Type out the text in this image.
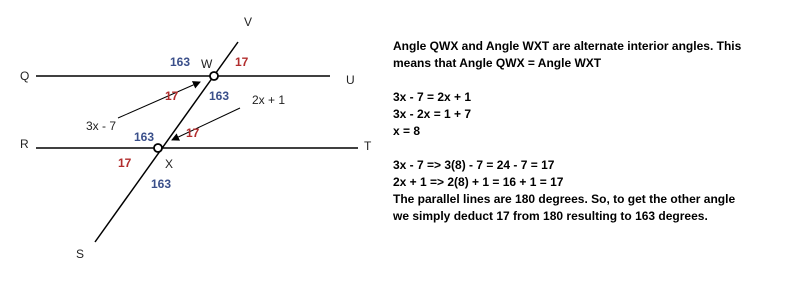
V
Q	U
W
R	T
X
S
3x - 7
2x + 1
163	17
17	163
163	17
17
163

Angle QWX and Angle WXT are alternate interior angles. This

means that Angle QWX = Angle WXT

3x - 7 = 2x + 1

3x - 2x = 1 + 7

x = 8

3x - 7 => 3(8) - 7 = 24 - 7 = 17

2x + 1 => 2(8) + 1 = 16 + 1 = 17

The parallel lines are 180 degrees. So, to get the other angle

we simply deduct 17 from 180 resulting to 163 degrees.
